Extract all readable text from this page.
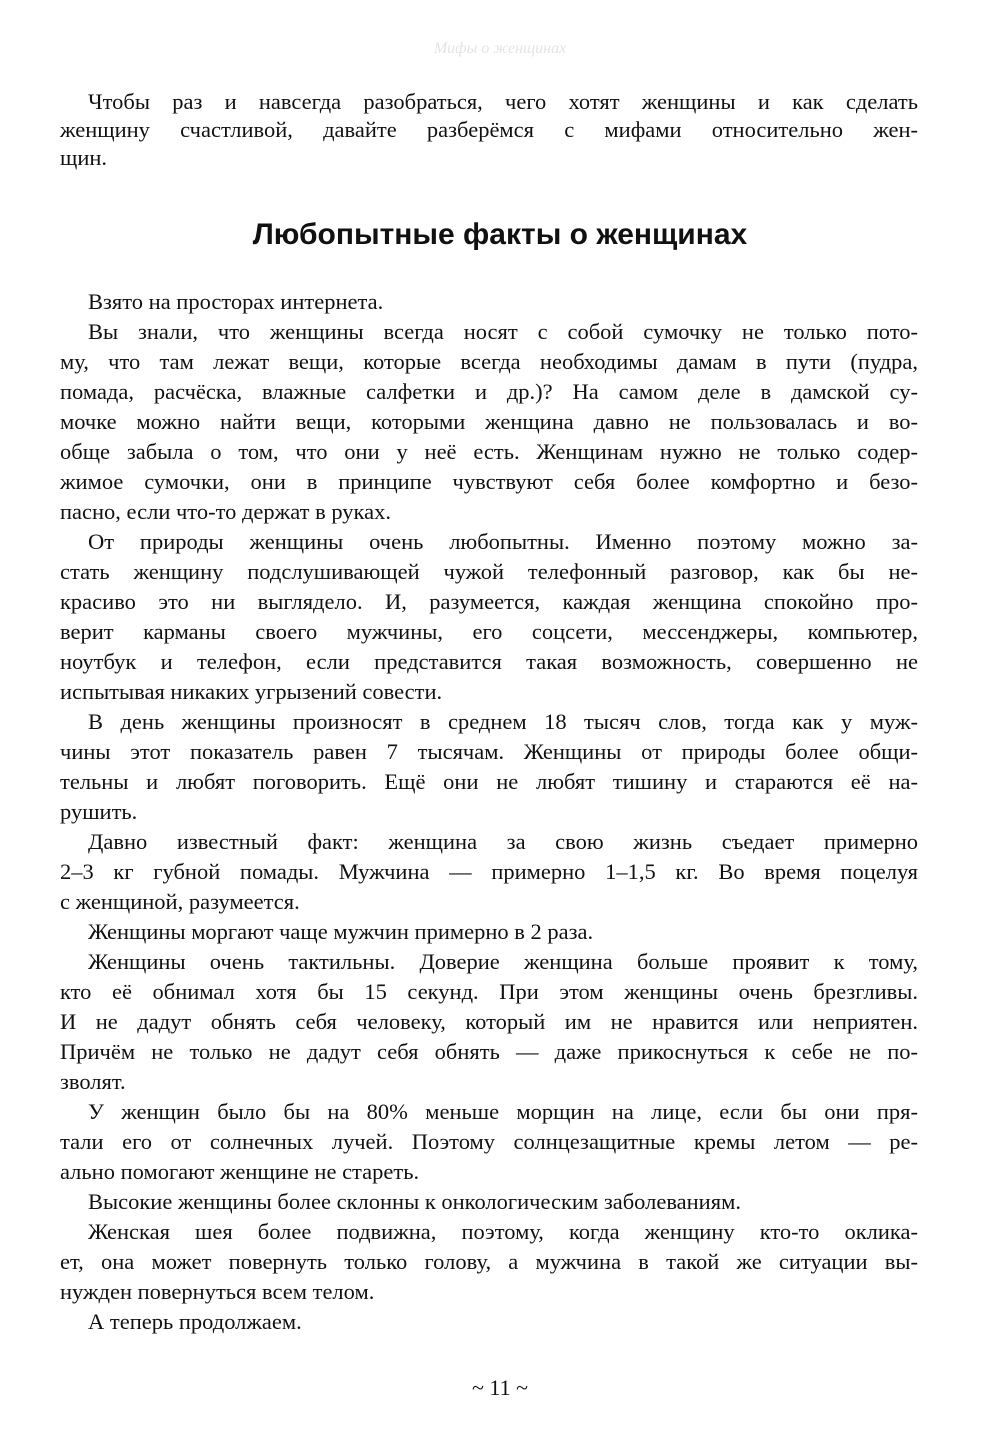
Мифы о женщинах
Чтобы раз и навсегда разобраться, чего хотят женщины и как сделать
женщину счастливой, давайте разберёмся с мифами относительно жен-
щин.
Любопытные факты о женщинах
Взято на просторах интернета.
Вы знали, что женщины всегда носят с собой сумочку не только пото-
му, что там лежат вещи, которые всегда необходимы дамам в пути (пудра,
помада, расчёска, влажные салфетки и др.)? На самом деле в дамской су-
мочке можно найти вещи, которыми женщина давно не пользовалась и во-
обще забыла о том, что они у неё есть. Женщинам нужно не только содер-
жимое сумочки, они в принципе чувствуют себя более комфортно и безо-
пасно, если что-то держат в руках.
От природы женщины очень любопытны. Именно поэтому можно за-
стать женщину подслушивающей чужой телефонный разговор, как бы не-
красиво это ни выглядело. И, разумеется, каждая женщина спокойно про-
верит карманы своего мужчины, его соцсети, мессенджеры, компьютер,
ноутбук и телефон, если представится такая возможность, совершенно не
испытывая никаких угрызений совести.
В день женщины произносят в среднем 18 тысяч слов, тогда как у муж-
чины этот показатель равен 7 тысячам. Женщины от природы более общи-
тельны и любят поговорить. Ещё они не любят тишину и стараются её на-
рушить.
Давно известный факт: женщина за свою жизнь съедает примерно
2–3 кг губной помады. Мужчина — примерно 1–1,5 кг. Во время поцелуя
с женщиной, разумеется.
Женщины моргают чаще мужчин примерно в 2 раза.
Женщины очень тактильны. Доверие женщина больше проявит к тому,
кто её обнимал хотя бы 15 секунд. При этом женщины очень брезгливы.
И не дадут обнять себя человеку, который им не нравится или неприятен.
Причём не только не дадут себя обнять — даже прикоснуться к себе не по-
зволят.
У женщин было бы на 80% меньше морщин на лице, если бы они пря-
тали его от солнечных лучей. Поэтому солнцезащитные кремы летом — ре-
ально помогают женщине не стареть.
Высокие женщины более склонны к онкологическим заболеваниям.
Женская шея более подвижна, поэтому, когда женщину кто-то оклика-
ет, она может повернуть только голову, а мужчина в такой же ситуации вы-
нужден повернуться всем телом.
А теперь продолжаем.
~ 11 ~
